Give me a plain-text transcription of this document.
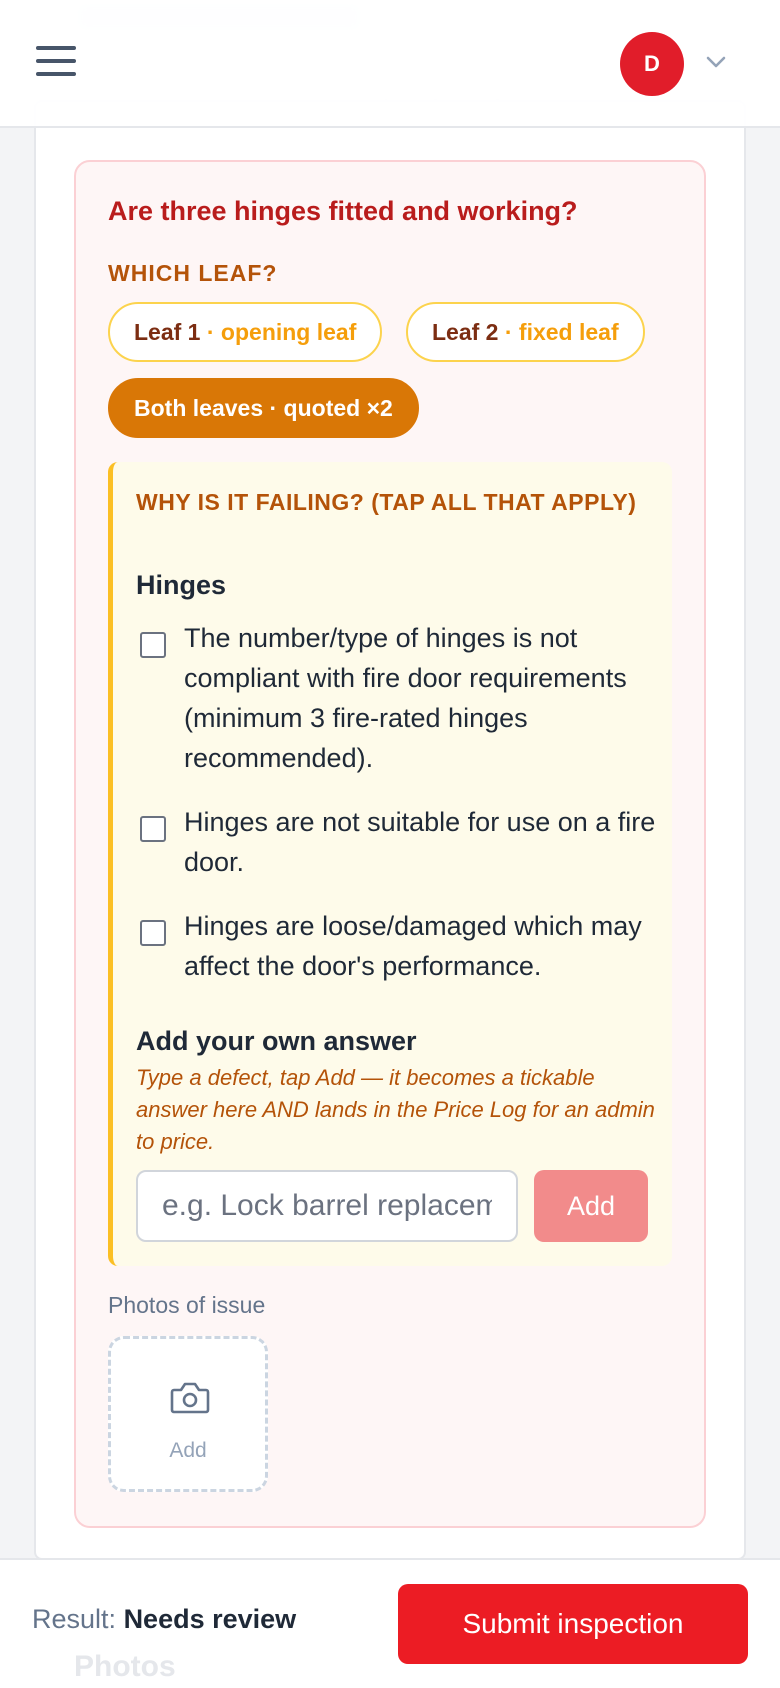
D
Are three hinges fitted and working?
WHICH LEAF?
Leaf 1 · opening leaf	Leaf 2 · fixed leaf
Both leaves · quoted ×2
WHY IS IT FAILING? (TAP ALL THAT APPLY)
Hinges
The number/type of hinges is not compliant with fire door requirements (minimum 3 fire-rated hinges recommended).
Hinges are not suitable for use on a fire door.
Hinges are loose/damaged which may affect the door's performance.
Add your own answer
Type a defect, tap Add — it becomes a tickable answer here AND lands in the Price Log for an admin to price.
e.g. Lock barrel replacement
Add
Photos of issue
Add
Photos
Result: Needs review	Submit inspection
